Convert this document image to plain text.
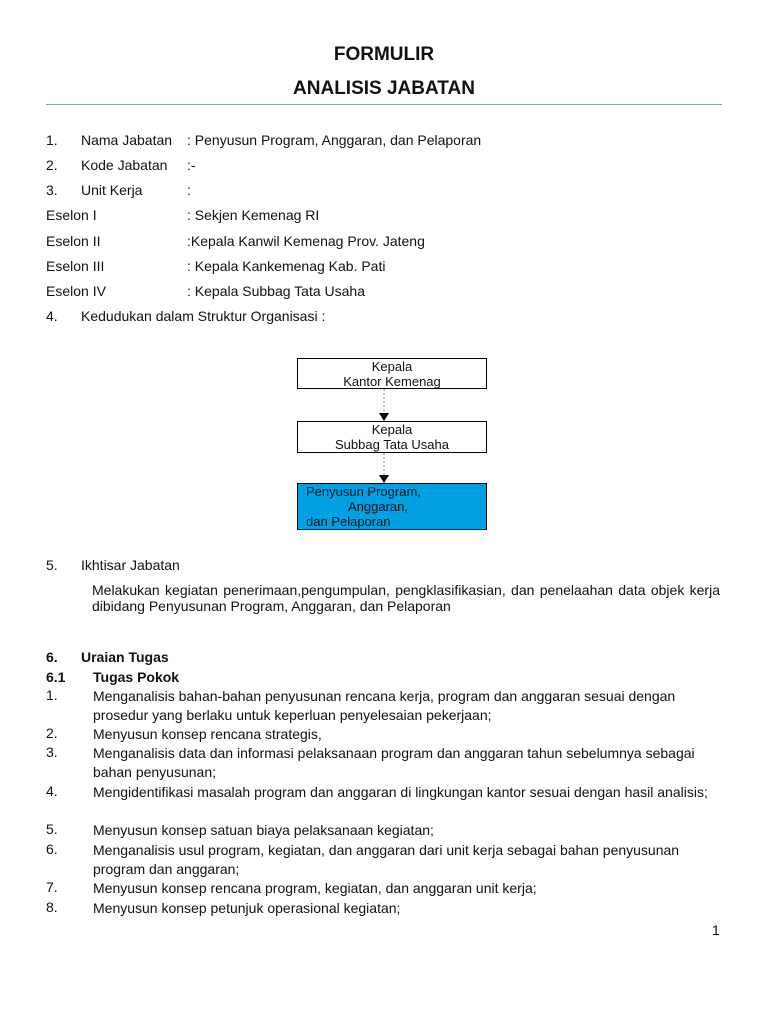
FORMULIR
ANALISIS JABATAN
1. Nama Jabatan : Penyusun Program, Anggaran, dan Pelaporan
2. Kode Jabatan :-
3. Unit Kerja	:
Eselon I	: Sekjen Kemenag RI
Eselon II	:Kepala Kanwil Kemenag Prov. Jateng
Eselon III	: Kepala Kankemenag Kab. Pati
Eselon IV	: Kepala Subbag Tata Usaha
4. Kedudukan dalam Struktur Organisasi :
Kepala
Kantor Kemenag
Kepala
Subbag Tata Usaha
Penyusun Program,
Anggaran,
dan Pelaporan
5. Ikhtisar Jabatan
Melakukan kegiatan penerimaan,pengumpulan, pengklasifikasian, dan penelaahan data objek kerja dibidang Penyusunan Program, Anggaran, dan Pelaporan
6. Uraian Tugas
6.1 Tugas Pokok
1.	Menganalisis bahan-bahan penyusunan rencana kerja, program dan anggaran sesuai dengan prosedur yang berlaku untuk keperluan penyelesaian pekerjaan;
2.	Menyusun konsep rencana strategis,
3.	Menganalisis data dan informasi pelaksanaan program dan anggaran tahun sebelumnya sebagai bahan penyusunan;
4.	Mengidentifikasi masalah program dan anggaran di lingkungan kantor sesuai dengan hasil analisis;
5.	Menyusun konsep satuan biaya pelaksanaan kegiatan;
6.	Menganalisis usul program, kegiatan, dan anggaran dari unit kerja sebagai bahan penyusunan program dan anggaran;
7.	Menyusun konsep rencana program, kegiatan, dan anggaran unit kerja;
8.	Menyusun konsep petunjuk operasional kegiatan;
1
